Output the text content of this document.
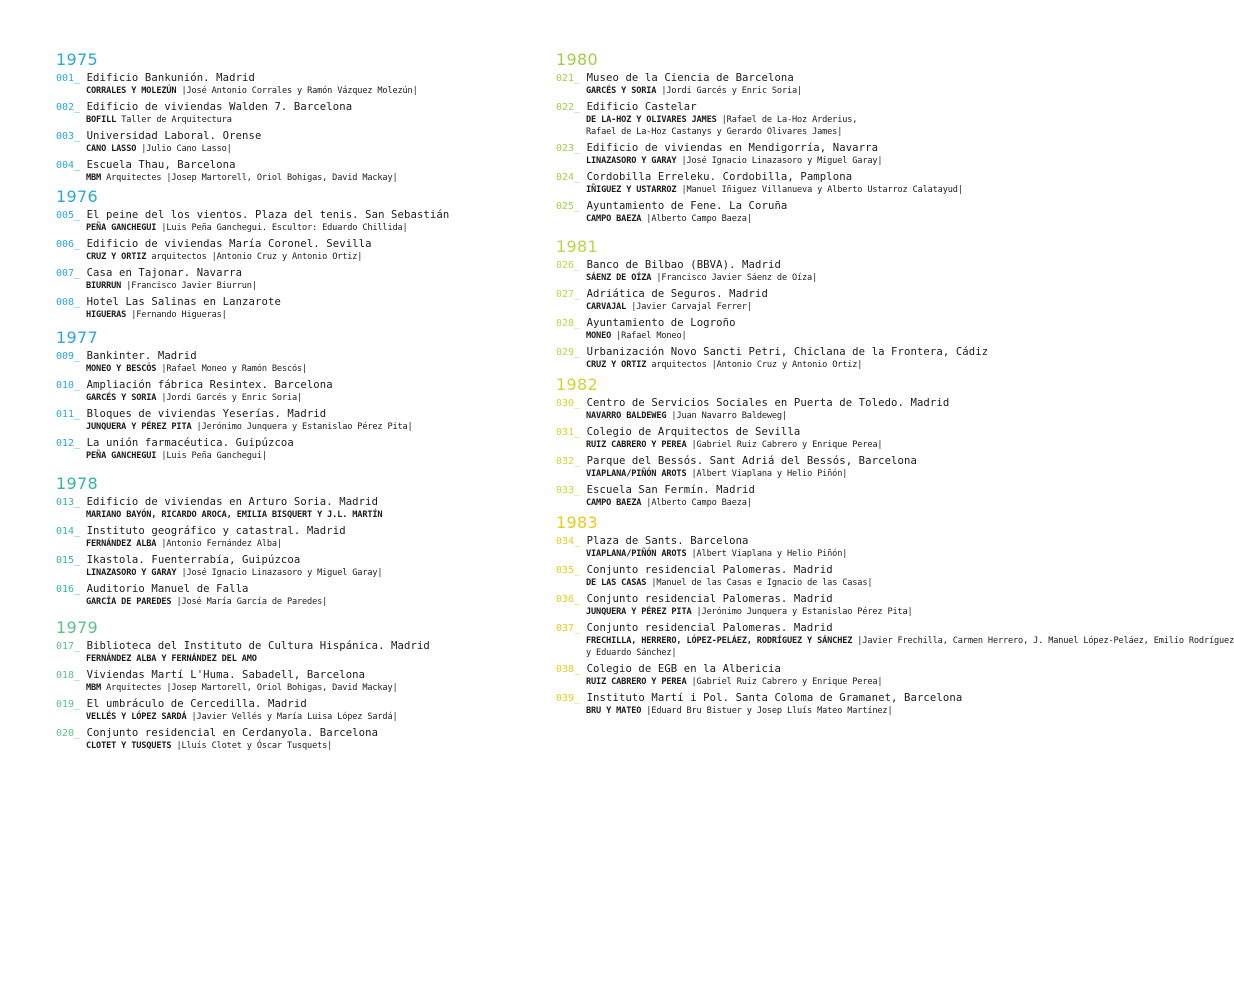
1975
001_ Edificio Bankunión. Madrid
CORRALES Y MOLEZÚN |José Antonio Corrales y Ramón Vázquez Molezún|
002_ Edificio de viviendas Walden 7. Barcelona
BOFILL Taller de Arquitectura
003_ Universidad Laboral. Orense
CANO LASSO |Julio Cano Lasso|
004_ Escuela Thau, Barcelona
MBM Arquitectes |Josep Martorell, Oriol Bohigas, David Mackay|
1976
005_ El peine del los vientos. Plaza del tenis. San Sebastián
PEÑA GANCHEGUI |Luis Peña Ganchegui. Escultor: Eduardo Chillida|
006_ Edificio de viviendas María Coronel. Sevilla
CRUZ Y ORTIZ arquitectos |Antonio Cruz y Antonio Ortiz|
007_ Casa en Tajonar. Navarra
BIURRUN |Francisco Javier Biurrun|
008_ Hotel Las Salinas en Lanzarote
HIGUERAS |Fernando Higueras|
1977
009_ Bankinter. Madrid
MONEO Y BESCÓS |Rafael Moneo y Ramón Bescós|
010_ Ampliación fábrica Resintex. Barcelona
GARCÉS Y SORIA |Jordi Garcés y Enric Soria|
011_ Bloques de viviendas Yeserías. Madrid
JUNQUERA Y PÉREZ PITA |Jerónimo Junquera y Estanislao Pérez Pita|
012_ La unión farmacéutica. Guipúzcoa
PEÑA GANCHEGUI |Luis Peña Ganchegui|
1978
013_ Edificio de viviendas en Arturo Soria. Madrid
MARIANO BAYÓN, RICARDO AROCA, EMILIA BISQUERT Y J.L. MARTÍN
014_ Instituto geográfico y catastral. Madrid
FERNÁNDEZ ALBA |Antonio Fernández Alba|
015_ Ikastola. Fuenterrabía, Guipúzcoa
LINAZASORO Y GARAY |José Ignacio Linazasoro y Miguel Garay|
016_ Auditorio Manuel de Falla
GARCÍA DE PAREDES |José María García de Paredes|
1979
017_ Biblioteca del Instituto de Cultura Hispánica. Madrid
FERNÁNDEZ ALBA Y FERNÁNDEZ DEL AMO
018_ Viviendas Martí L'Huma. Sabadell, Barcelona
MBM Arquitectes |Josep Martorell, Oriol Bohigas, David Mackay|
019_ El umbráculo de Cercedilla. Madrid
VELLÉS Y LÓPEZ SARDÁ |Javier Vellés y María Luisa López Sardá|
020_ Conjunto residencial en Cerdanyola. Barcelona
CLOTET Y TUSQUETS |Lluís Clotet y Óscar Tusquets|
1980
021_ Museo de la Ciencia de Barcelona
GARCÉS Y SORIA |Jordi Garcés y Enric Soria|
022_ Edificio Castelar
DE LA-HOZ Y OLIVARES JAMES |Rafael de La-Hoz Arderius,
Rafael de La-Hoz Castanys y Gerardo Olivares James|
023_ Edificio de viviendas en Mendigorría, Navarra
LINAZASORO Y GARAY |José Ignacio Linazasoro y Miguel Garay|
024_ Cordobilla Erreleku. Cordobilla, Pamplona
IÑIGUEZ Y USTARROZ |Manuel Iñiguez Villanueva y Alberto Ustarroz Calatayud|
025_ Ayuntamiento de Fene. La Coruña
CAMPO BAEZA |Alberto Campo Baeza|
1981
026_ Banco de Bilbao (BBVA). Madrid
SÁENZ DE OÍZA |Francisco Javier Sáenz de Oíza|
027_ Adriática de Seguros. Madrid
CARVAJAL |Javier Carvajal Ferrer|
028_ Ayuntamiento de Logroño
MONEO |Rafael Moneo|
029_ Urbanización Novo Sancti Petri, Chiclana de la Frontera, Cádiz
CRUZ Y ORTIZ arquitectos |Antonio Cruz y Antonio Ortiz|
1982
030_ Centro de Servicios Sociales en Puerta de Toledo. Madrid
NAVARRO BALDEWEG |Juan Navarro Baldeweg|
031_ Colegio de Arquitectos de Sevilla
RUIZ CABRERO Y PEREA |Gabriel Ruiz Cabrero y Enrique Perea|
032_ Parque del Bessós. Sant Adriá del Bessós, Barcelona
VIAPLANA/PIÑÓN AROTS |Albert Viaplana y Helio Piñón|
033_ Escuela San Fermín. Madrid
CAMPO BAEZA |Alberto Campo Baeza|
1983
034_ Plaza de Sants. Barcelona
VIAPLANA/PIÑÓN AROTS |Albert Viaplana y Helio Piñón|
035_ Conjunto residencial Palomeras. Madrid
DE LAS CASAS |Manuel de las Casas e Ignacio de las Casas|
036_ Conjunto residencial Palomeras. Madrid
JUNQUERA Y PÉREZ PITA |Jerónimo Junquera y Estanislao Pérez Pita|
037_ Conjunto residencial Palomeras. Madrid
FRECHILLA, HERRERO, LÓPEZ-PELÁEZ, RODRÍGUEZ Y SÁNCHEZ |Javier Frechilla, Carmen Herrero, J. Manuel López-Peláez, Emilio Rodríguez
y Eduardo Sánchez|
038_ Colegio de EGB en la Albericia
RUIZ CABRERO Y PEREA |Gabriel Ruiz Cabrero y Enrique Perea|
039_ Instituto Martí i Pol. Santa Coloma de Gramanet, Barcelona
BRU Y MATEO |Eduard Bru Bistuer y Josep Lluís Mateo Martínez|
